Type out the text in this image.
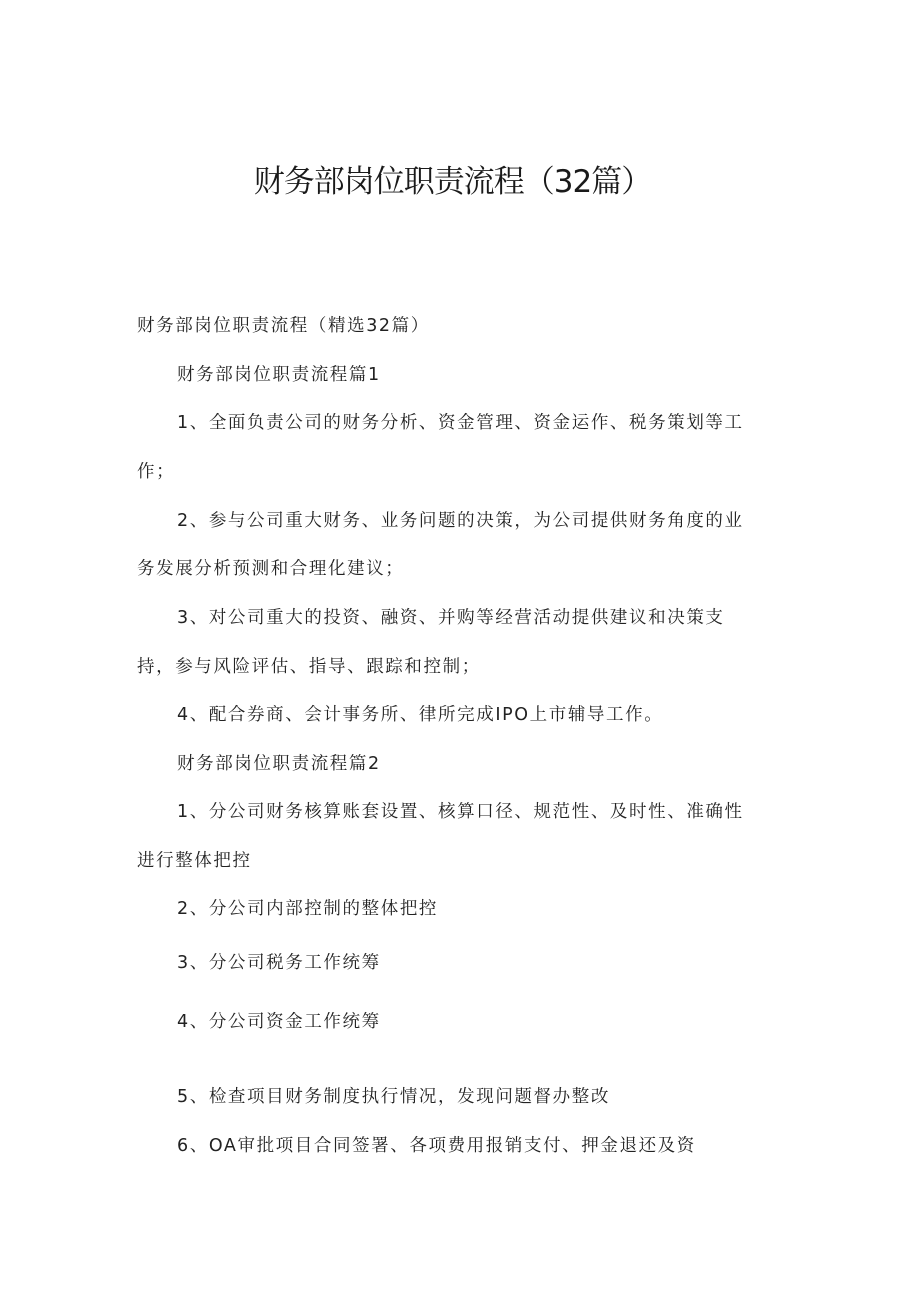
财务部岗位职责流程（32篇）
财务部岗位职责流程（精选32篇）
财务部岗位职责流程篇1
1、全面负责公司的财务分析、资金管理、资金运作、税务策划等工
作；
2、参与公司重大财务、业务问题的决策，为公司提供财务角度的业
务发展分析预测和合理化建议；
3、对公司重大的投资、融资、并购等经营活动提供建议和决策支
持，参与风险评估、指导、跟踪和控制；
4、配合券商、会计事务所、律所完成IPO上市辅导工作。
财务部岗位职责流程篇2
1、分公司财务核算账套设置、核算口径、规范性、及时性、准确性
进行整体把控
2、分公司内部控制的整体把控
3、分公司税务工作统筹
4、分公司资金工作统筹
5、检查项目财务制度执行情况，发现问题督办整改
6、OA审批项目合同签署、各项费用报销支付、押金退还及资
